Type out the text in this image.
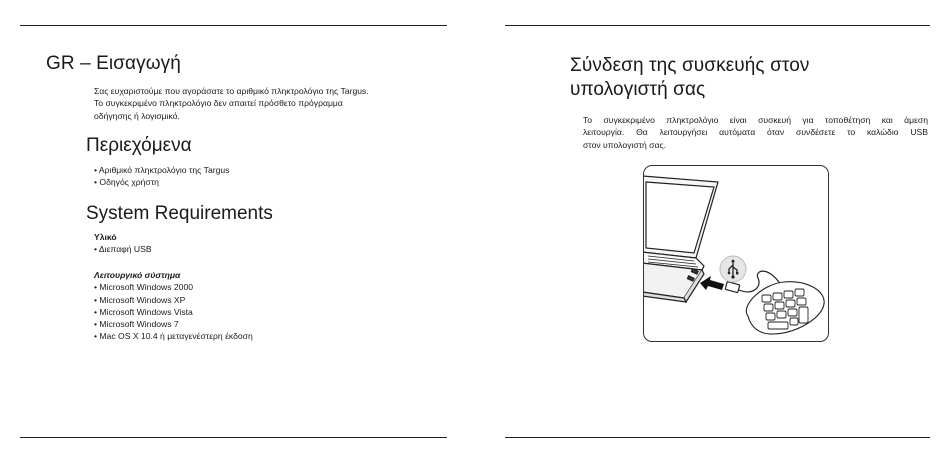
GR – Εισαγωγή
Σας ευχαριστούμε που αγοράσατε το αριθμικό πληκτρολόγιο της Targus.
Το συγκεκριμένο πληκτρολόγιο δεν απαιτεί πρόσθετο πρόγραμμα
οδήγησης ή λογισμικό.
Περιεχόμενα
• Αριθμικό πληκτρολόγιο της Targus
• Οδηγός χρήστη
System Requirements
Υλικό
• Διεπαφή USB
Λειτουργικό σύστημα
• Microsoft Windows 2000
• Microsoft Windows XP
• Microsoft Windows Vista
• Microsoft Windows 7
• Mac OS X 10.4 ή μεταγενέστερη έκδοση
Σύνδεση της συσκευής στον
υπολογιστή σας
Το συγκεκριμένο πληκτρολόγιο είναι συσκευή για τοποθέτηση και άμεση
λειτουργία. Θα λειτουργήσει αυτόματα όταν συνδέσετε το καλώδιο USB
στον υπολογιστή σας.
